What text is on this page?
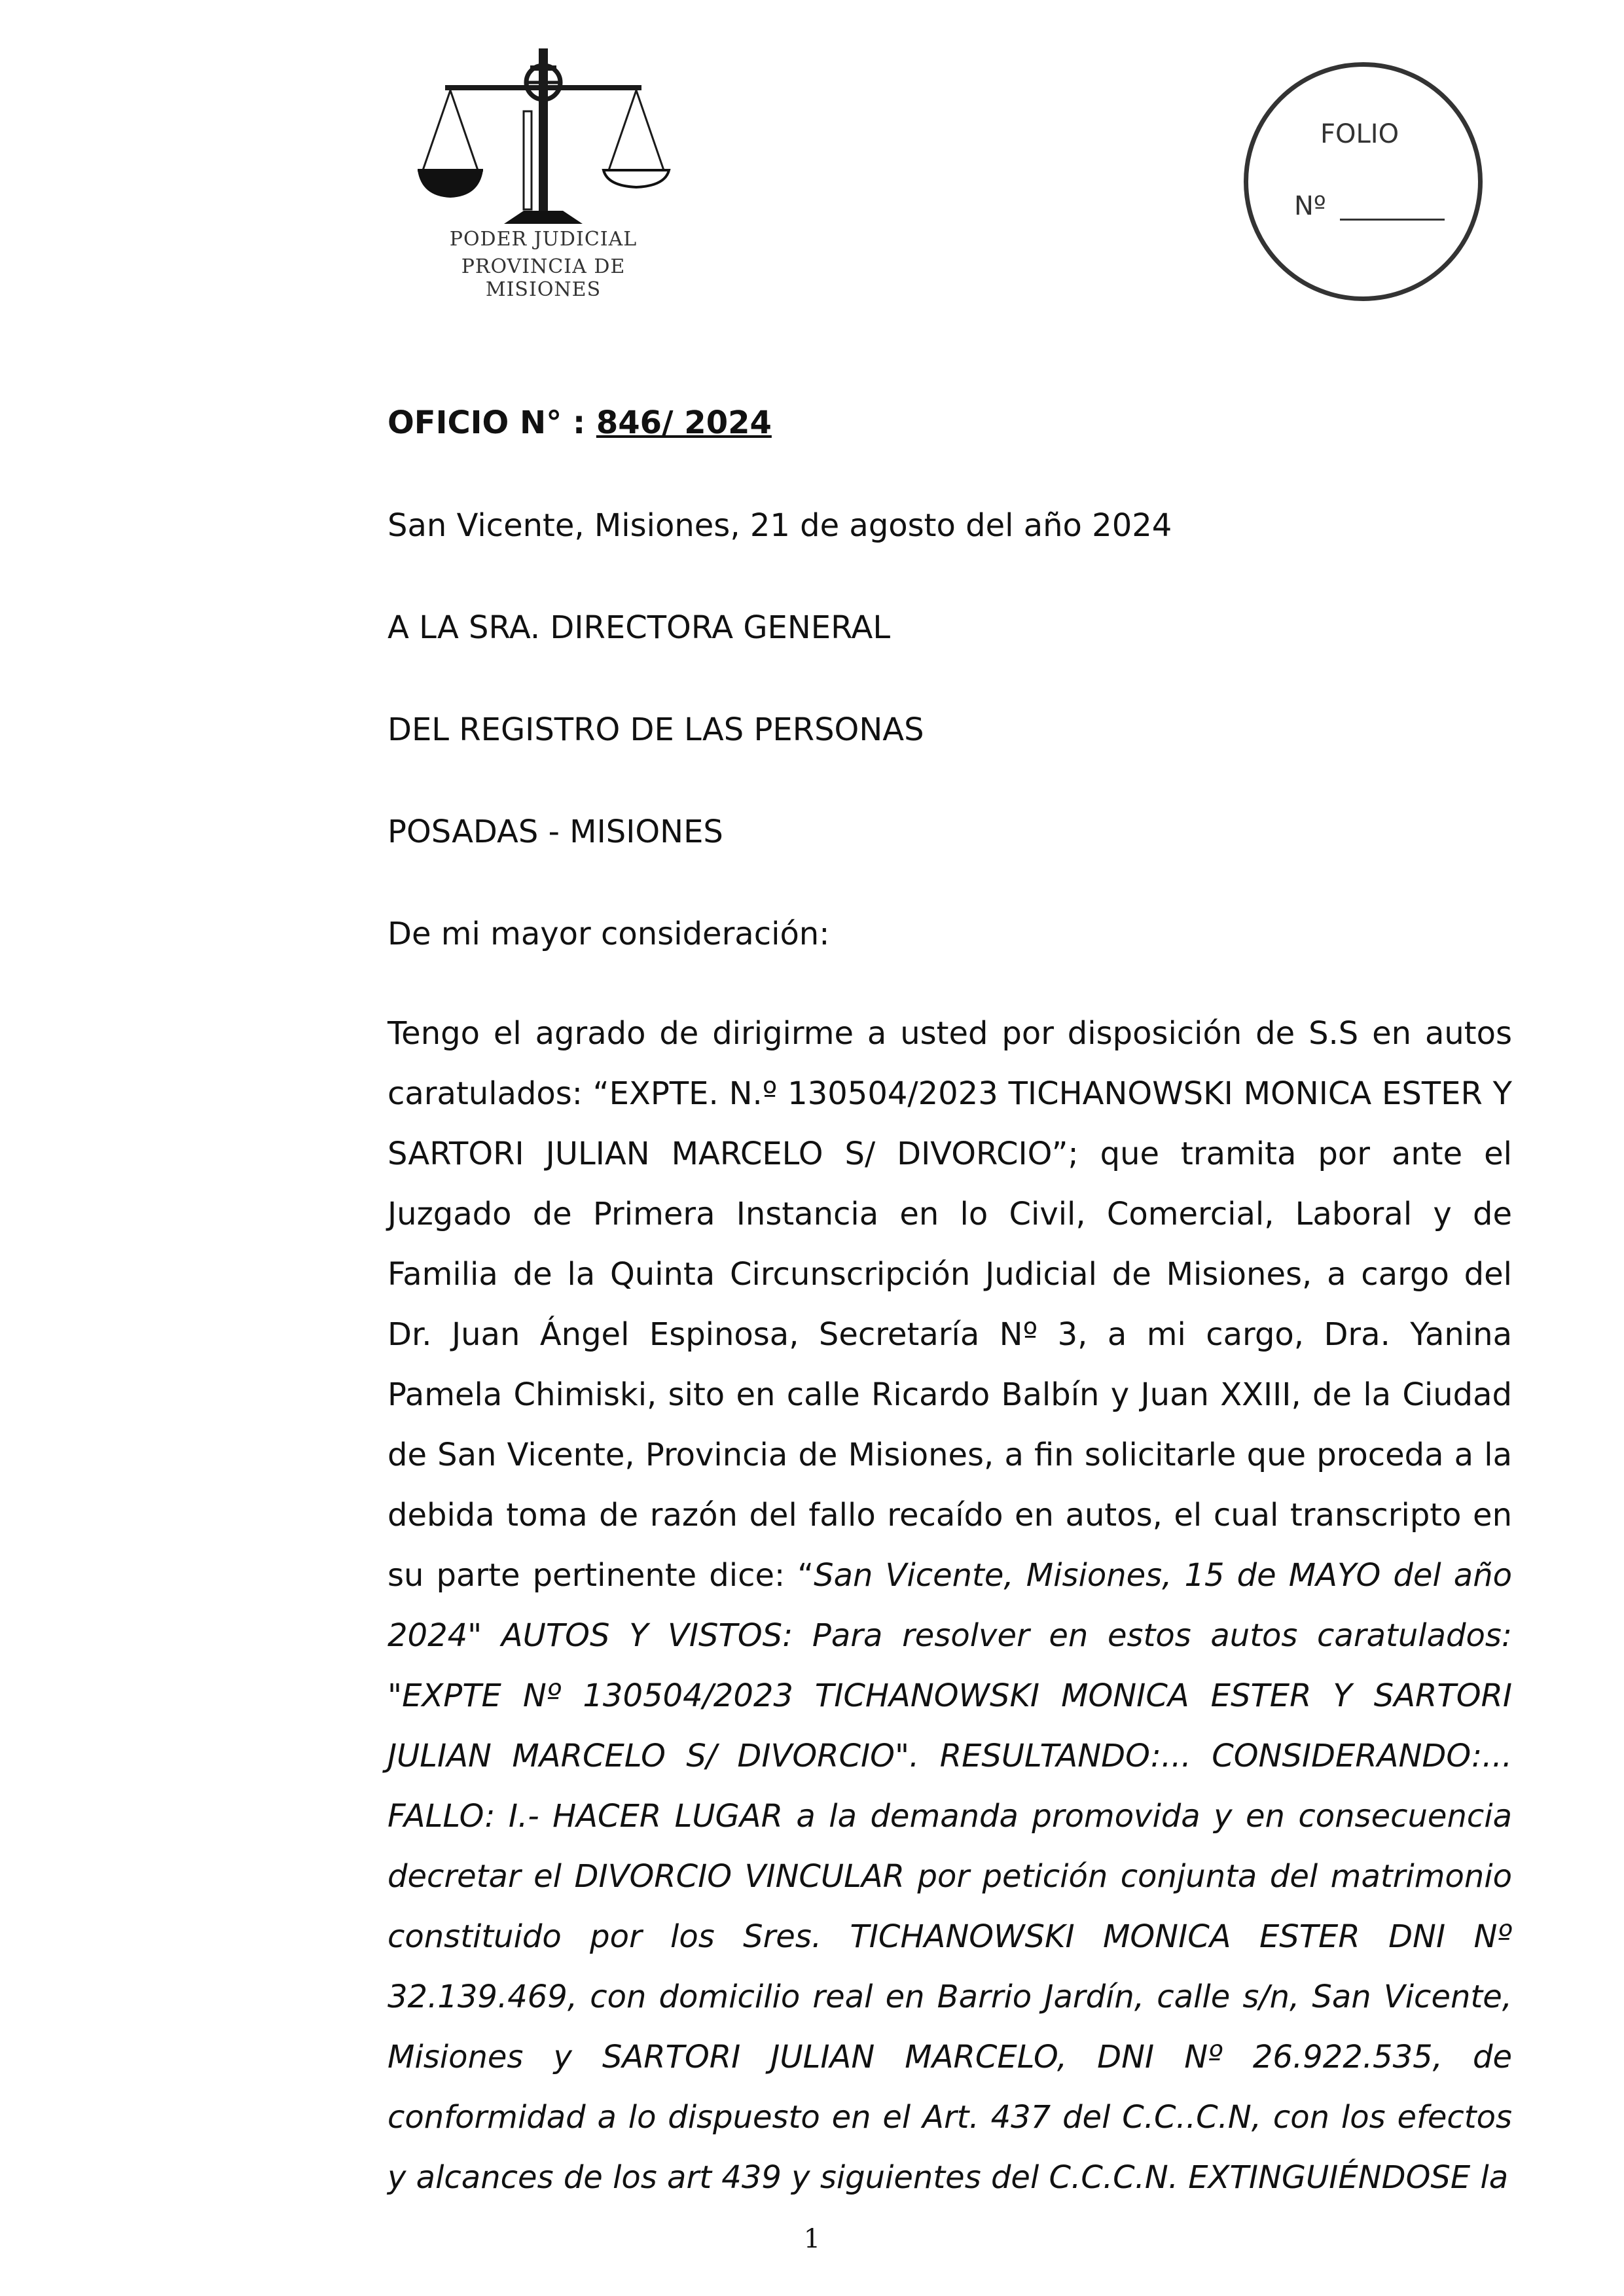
PODER JUDICIAL
PROVINCIA DE MISIONES
FOLIO
Nº

OFICIO N° : 846/ 2024

San Vicente, Misiones, 21 de agosto del año 2024

A LA SRA. DIRECTORA GENERAL

DEL REGISTRO DE LAS PERSONAS

POSADAS - MISIONES

De mi mayor consideración:

Tengo el agrado de dirigirme a usted por disposición de S.S en autos caratulados: “EXPTE. N.º 130504/2023 TICHANOWSKI MONICA ESTER Y SARTORI JULIAN MARCELO S/ DIVORCIO”; que tramita por ante el Juzgado de Primera Instancia en lo Civil, Comercial, Laboral y de Familia de la Quinta Circunscripción Judicial de Misiones, a cargo del Dr. Juan Ángel Espinosa, Secretaría Nº 3, a mi cargo, Dra. Yanina Pamela Chimiski, sito en calle Ricardo Balbín y Juan XXIII, de la Ciudad de San Vicente, Provincia de Misiones, a fin solicitarle que proceda a la debida toma de razón del fallo recaído en autos, el cual transcripto en su parte pertinente dice: “San Vicente, Misiones, 15 de MAYO del año 2024" AUTOS Y VISTOS: Para resolver en estos autos caratulados: "EXPTE Nº 130504/2023 TICHANOWSKI MONICA ESTER Y SARTORI JULIAN MARCELO S/ DIVORCIO". RESULTANDO:... CONSIDERANDO:... FALLO: I.- HACER LUGAR a la demanda promovida y en consecuencia decretar el DIVORCIO VINCULAR por petición conjunta del matrimonio constituido por los Sres. TICHANOWSKI MONICA ESTER DNI Nº 32.139.469, con domicilio real en Barrio Jardín, calle s/n, San Vicente, Misiones y SARTORI JULIAN MARCELO, DNI Nº 26.922.535, de conformidad a lo dispuesto en el Art. 437 del C.C..C.N, con los efectos y alcances de los art 439 y siguientes del C.C.C.N. EXTINGUIÉNDOSE la

1
